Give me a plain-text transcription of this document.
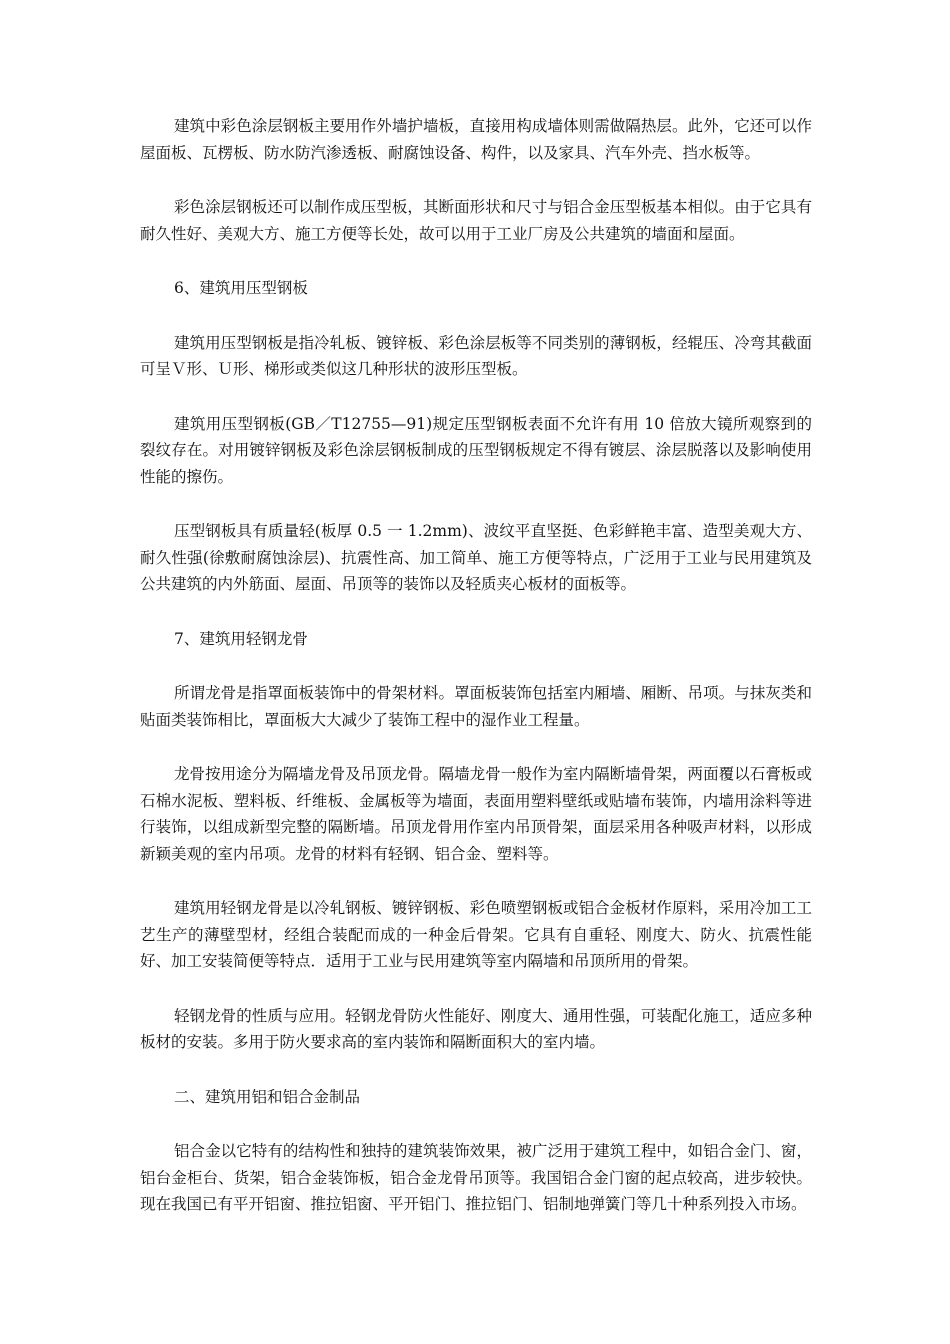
建筑中彩色涂层钢板主要用作外墙护墙板，直接用构成墙体则需做隔热层。此外，它还可以作屋面板、瓦楞板、防水防汽渗透板、耐腐蚀设备、构件，以及家具、汽车外壳、挡水板等。

彩色涂层钢板还可以制作成压型板，其断面形状和尺寸与铝合金压型板基本相似。由于它具有耐久性好、美观大方、施工方便等长处，故可以用于工业厂房及公共建筑的墙面和屋面。

6、建筑用压型钢板

建筑用压型钢板是指冷轧板、镀锌板、彩色涂层板等不同类别的薄钢板，经辊压、冷弯其截面可呈Ｖ形、Ｕ形、梯形或类似这几种形状的波形压型板。

建筑用压型钢板(GB／T12755—91)规定压型钢板表面不允许有用 10 倍放大镜所观察到的裂纹存在。对用镀锌钢板及彩色涂层钢板制成的压型钢板规定不得有镀层、涂层脱落以及影响使用性能的擦伤。

压型钢板具有质量轻(板厚 0.5 一 1.2mm)、波纹平直坚挺、色彩鲜艳丰富、造型美观大方、耐久性强(徐敷耐腐蚀涂层)、抗震性高、加工简单、施工方便等特点，广泛用于工业与民用建筑及公共建筑的内外筋面、屋面、吊顶等的装饰以及轻质夹心板材的面板等。

7、建筑用轻钢龙骨

所谓龙骨是指罩面板装饰中的骨架材料。罩面板装饰包括室内厢墙、厢断、吊项。与抹灰类和贴面类装饰相比，罩面板大大减少了装饰工程中的湿作业工程量。

龙骨按用途分为隔墙龙骨及吊顶龙骨。隔墙龙骨一般作为室内隔断墙骨架，两面覆以石膏板或石棉水泥板、塑料板、纤维板、金属板等为墙面，表面用塑料壁纸或贴墙布装饰，内墙用涂料等进行装饰，以组成新型完整的隔断墙。吊顶龙骨用作室内吊顶骨架，面层采用各种吸声材料，以形成新颖美观的室内吊项。龙骨的材料有轻钢、铝合金、塑料等。

建筑用轻钢龙骨是以冷轧钢板、镀锌钢板、彩色喷塑钢板或铝合金板材作原料，采用冷加工工艺生产的薄壁型材，经组合装配而成的一种金后骨架。它具有自重轻、刚度大、防火、抗震性能好、加工安装简便等特点．适用于工业与民用建筑等室内隔墙和吊顶所用的骨架。

轻钢龙骨的性质与应用。轻钢龙骨防火性能好、刚度大、通用性强，可装配化施工，适应多种板材的安装。多用于防火要求高的室内装饰和隔断面积大的室内墙。

二、建筑用铝和铝合金制品

铝合金以它特有的结构性和独持的建筑装饰效果，被广泛用于建筑工程中，如铝合金门、窗，铝台金柜台、货架，铝合金装饰板，铝合金龙骨吊顶等。我国铝合金门窗的起点较高，进步较快。现在我国已有平开铝窗、推拉铝窗、平开铝门、推拉铝门、铝制地弹簧门等几十种系列投入市场。
